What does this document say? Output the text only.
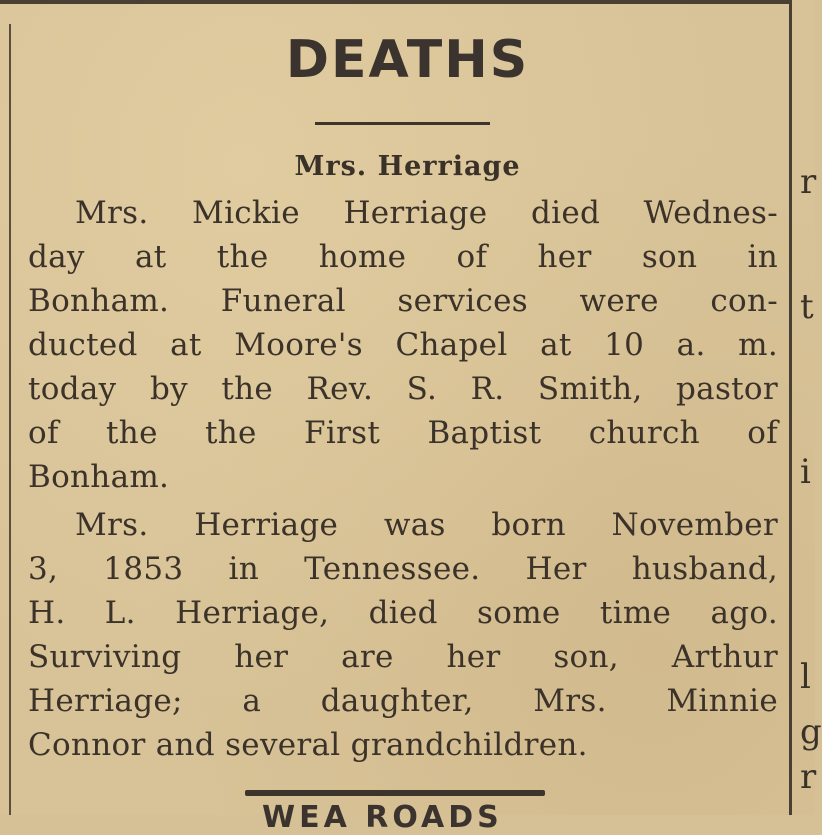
r
t
i
l
g
r
DEATHS
Mrs. Herriage
Mrs. Mickie Herriage died Wednes-
day at the home of her son in
Bonham. Funeral services were con-
ducted at Moore's Chapel at 10 a. m.
today by the Rev. S. R. Smith, pastor
of the the First Baptist church of
Bonham.
Mrs. Herriage was born November
3, 1853 in Tennessee. Her husband,
H. L. Herriage, died some time ago.
Surviving her are her son, Arthur
Herriage; a daughter, Mrs. Minnie
Connor and several grandchildren.
WEA ROADS
